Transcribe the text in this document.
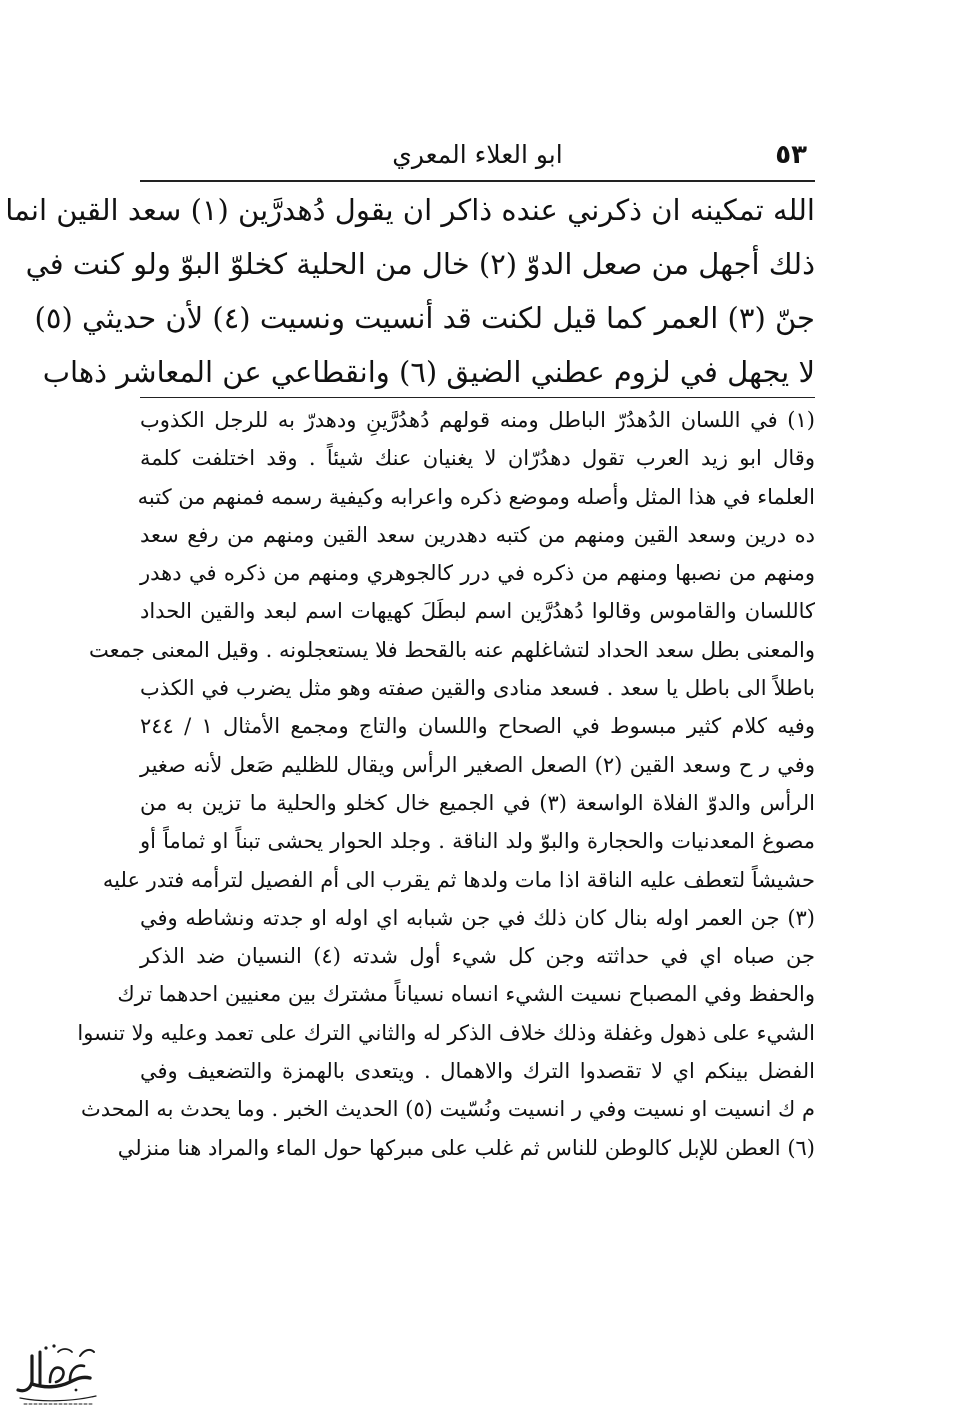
٥٣
ابو العلاء المعري
الله تمكينه ان ذكرني عنده ذاكر ان يقول دُهدرَّين (١) سعد القين انما
ذلك أجهل من صعل الدوّ (٢) خال من الحلية كخلوّ البوّ ولو كنت في
جنّ (٣) العمر كما قيل لكنت قد أنسيت ونسيت (٤) لأن حديثي (٥)
لا يجهل في لزوم عطني الضيق (٦) وانقطاعي عن المعاشر ذهاب
(١) في اللسان الدُهدُرّ الباطل ومنه قولهم دُهدُرَّينِ ودهدرّ به للرجل الكذوب
وقال ابو زيد العرب تقول دهدُرّان لا يغنيان عنك شيئاً . وقد اختلفت كلمة
العلماء في هذا المثل وأصله وموضع ذكره واعرابه وكيفية رسمه فمنهم من كتبه
ده درين وسعد القين ومنهم من كتبه دهدرين سعد القين ومنهم من رفع سعد
ومنهم من نصبها ومنهم من ذكره في درر كالجوهري ومنهم من ذكره في دهدر
كاللسان والقاموس وقالوا دُهدُرَّين اسم لبطَلَ كهيهات اسم لبعد والقين الحداد
والمعنى بطل سعد الحداد لتشاغلهم عنه بالقحط فلا يستعجلونه . وقيل المعنى جمعت
باطلاً الى باطل يا سعد . فسعد منادى والقين صفته وهو مثل يضرب في الكذب
وفيه كلام كثير مبسوط في الصحاح واللسان والتاج ومجمع الأمثال ١ / ٢٤٤
وفي ر ح وسعد القين (٢) الصعل الصغير الرأس ويقال للظليم صَعل لأنه صغير
الرأس والدوّ الفلاة الواسعة (٣) في الجميع خال كخلو والحلية ما تزين به من
مصوغ المعدنيات والحجارة والبوّ ولد الناقة . وجلد الحوار يحشى تبناً او ثماماً أو
حشيشاً لتعطف عليه الناقة اذا مات ولدها ثم يقرب الى أم الفصيل لترأمه فتدر عليه
(٣) جن العمر اوله بنال كان ذلك في جن شبابه اي اوله او جدته ونشاطه وفي
جن صباه اي في حداثته وجن كل شيء أول شدته (٤) النسيان ضد الذكر
والحفظ وفي المصباح نسيت الشيء انساه نسياناً مشترك بين معنيين احدهما ترك
الشيء على ذهول وغفلة وذلك خلاف الذكر له والثاني الترك على تعمد وعليه ولا تنسوا
الفضل بينكم اي لا تقصدوا الترك والاهمال . ويتعدى بالهمزة والتضعيف وفي
م ك انسيت او نسيت وفي ر انسيت ونُسّيت (٥) الحديث الخبر . وما يحدث به المحدث
(٦) العطن للإبل كالوطن للناس ثم غلب على مبركها حول الماء والمراد هنا منزلي
